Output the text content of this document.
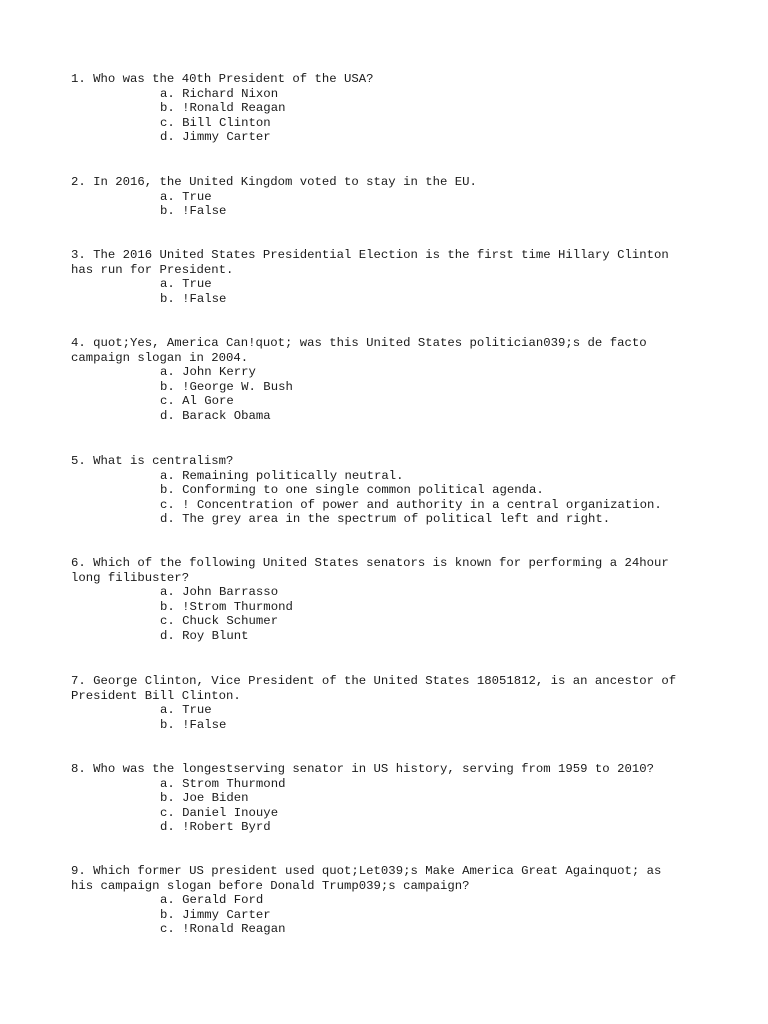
1. Who was the 40th President of the USA?

a. Richard Nixon
b. !Ronald Reagan
c. Bill Clinton
d. Jimmy Carter

2. In 2016, the United Kingdom voted to stay in the EU.

a. True
b. !False

3. The 2016 United States Presidential Election is the first time Hillary Clinton
has run for President.

a. True
b. !False

4. quot;Yes, America Can!quot; was this United States politician039;s de facto
campaign slogan in 2004.

a. John Kerry
b. !George W. Bush
c. Al Gore
d. Barack Obama

5. What is centralism?

a. Remaining politically neutral.
b. Conforming to one single common political agenda.
c. ! Concentration of power and authority in a central organization.
d. The grey area in the spectrum of political left and right.

6. Which of the following United States senators is known for performing a 24hour
long filibuster?

a. John Barrasso
b. !Strom Thurmond
c. Chuck Schumer
d. Roy Blunt

7. George Clinton, Vice President of the United States 18051812, is an ancestor of
President Bill Clinton.

a. True
b. !False

8. Who was the longestserving senator in US history, serving from 1959 to 2010?

a. Strom Thurmond
b. Joe Biden
c. Daniel Inouye
d. !Robert Byrd

9. Which former US president used quot;Let039;s Make America Great Againquot; as
his campaign slogan before Donald Trump039;s campaign?

a. Gerald Ford
b. Jimmy Carter
c. !Ronald Reagan
